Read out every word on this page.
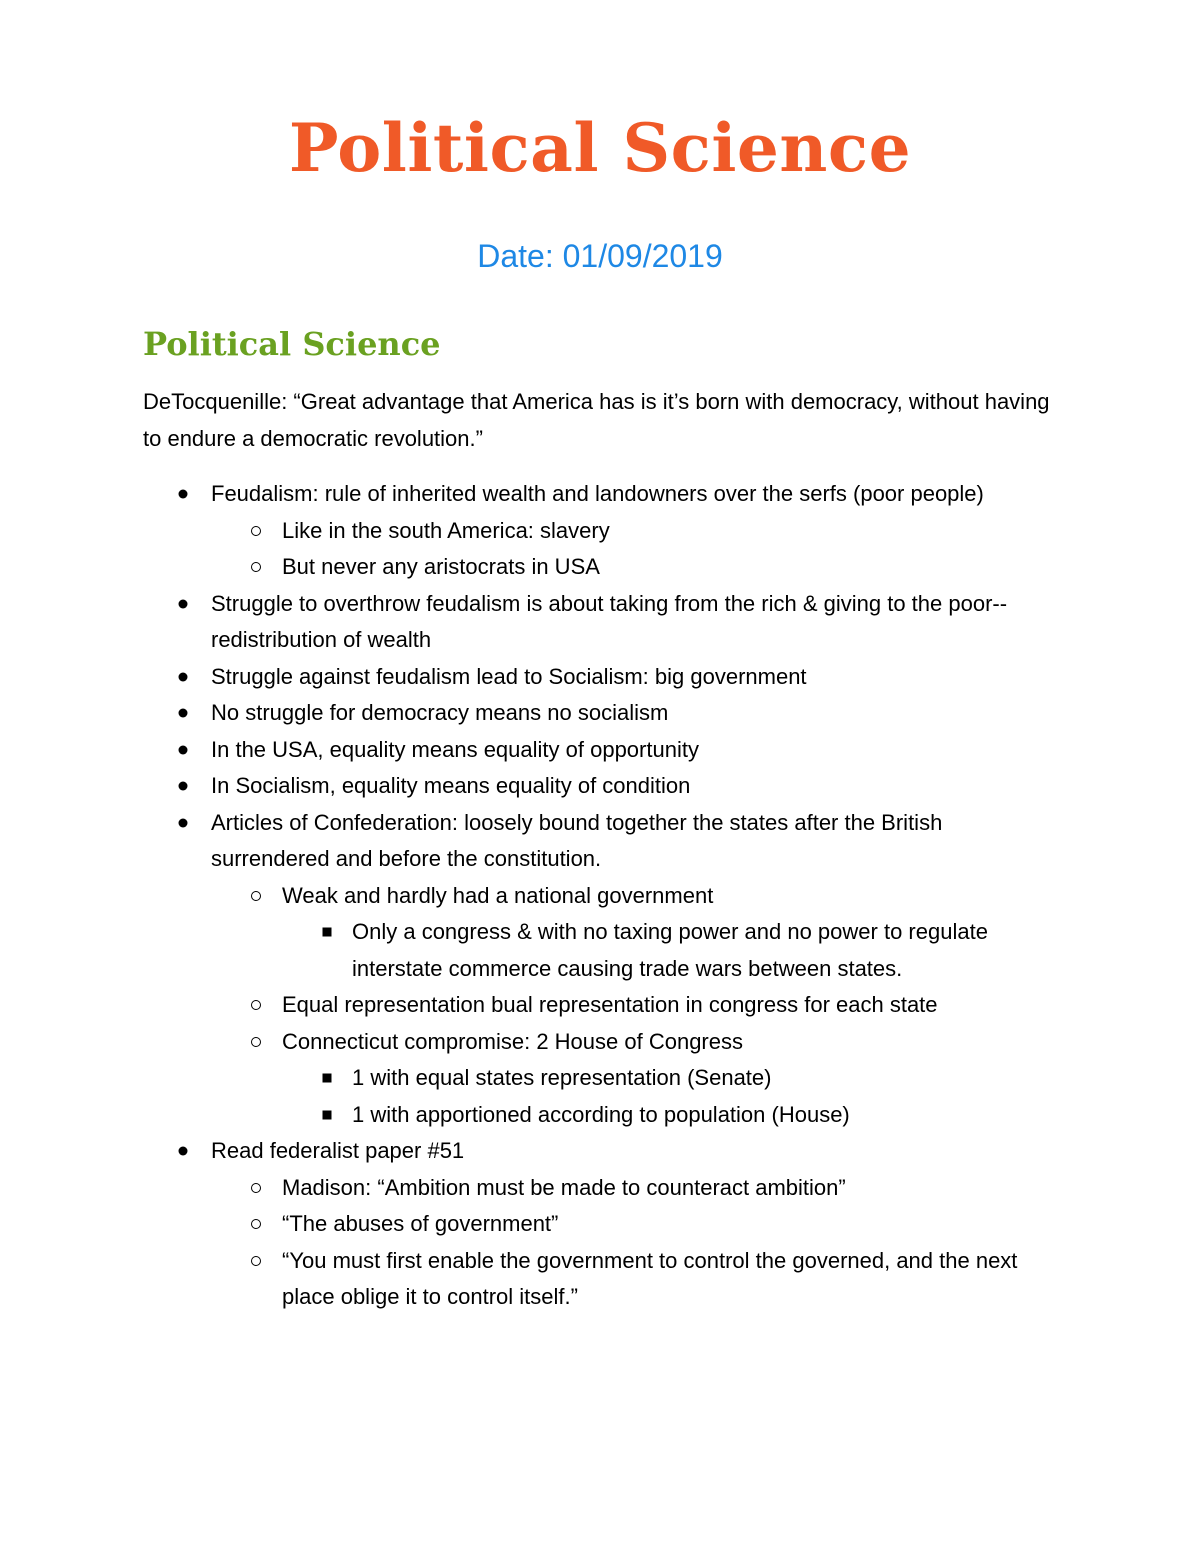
Political Science
Date: 01/09/2019
Political Science
DeTocquenille: “Great advantage that America has is it’s born with democracy, without having to endure a democratic revolution.”
Feudalism: rule of inherited wealth and landowners over the serfs (poor people)
Like in the south America: slavery
But never any aristocrats in USA
Struggle to overthrow feudalism is about taking from the rich & giving to the poor--redistribution of wealth
Struggle against feudalism lead to Socialism: big government
No struggle for democracy means no socialism
In the USA, equality means equality of opportunity
In Socialism, equality means equality of condition
Articles of Confederation: loosely bound together the states after the British surrendered and before the constitution.
Weak and hardly had a national government
Only a congress & with no taxing power and no power to regulate interstate commerce causing trade wars between states.
Equal representation bual representation in congress for each state
Connecticut compromise: 2 House of Congress
1 with equal states representation (Senate)
1 with apportioned according to population (House)
Read federalist paper #51
Madison: “Ambition must be made to counteract ambition”
“The abuses of government”
“You must first enable the government to control the governed, and the next place oblige it to control itself.”
